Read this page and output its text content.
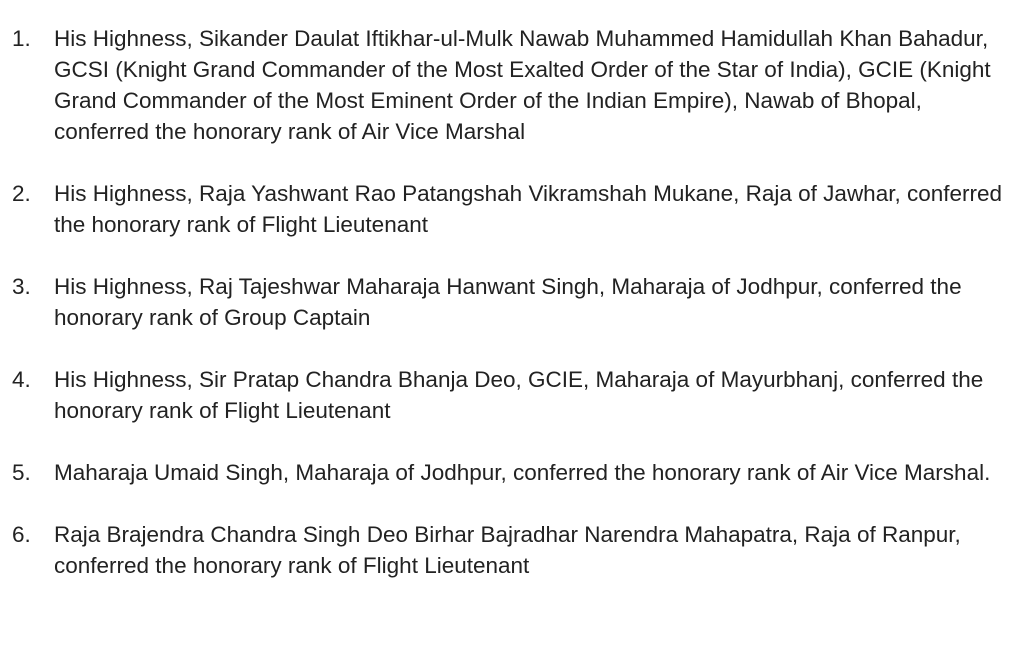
1.	His Highness, Sikander Daulat Iftikhar-ul-Mulk Nawab Muhammed Hamidullah Khan Bahadur, GCSI (Knight Grand Commander of the Most Exalted Order of the Star of India), GCIE (Knight Grand Commander of the Most Eminent Order of the Indian Empire), Nawab of Bhopal, conferred the honorary rank of Air Vice Marshal
2.	His Highness, Raja Yashwant Rao Patangshah Vikramshah Mukane, Raja of Jawhar, conferred the honorary rank of Flight Lieutenant
3.	His Highness, Raj Tajeshwar Maharaja Hanwant Singh, Maharaja of Jodhpur, conferred the honorary rank of Group Captain
4.	His Highness, Sir Pratap Chandra Bhanja Deo, GCIE, Maharaja of Mayurbhanj, conferred the honorary rank of Flight Lieutenant
5.	Maharaja Umaid Singh, Maharaja of Jodhpur, conferred the honorary rank of Air Vice Marshal.
6.	Raja Brajendra Chandra Singh Deo Birhar Bajradhar Narendra Mahapatra, Raja of Ranpur, conferred the honorary rank of Flight Lieutenant
